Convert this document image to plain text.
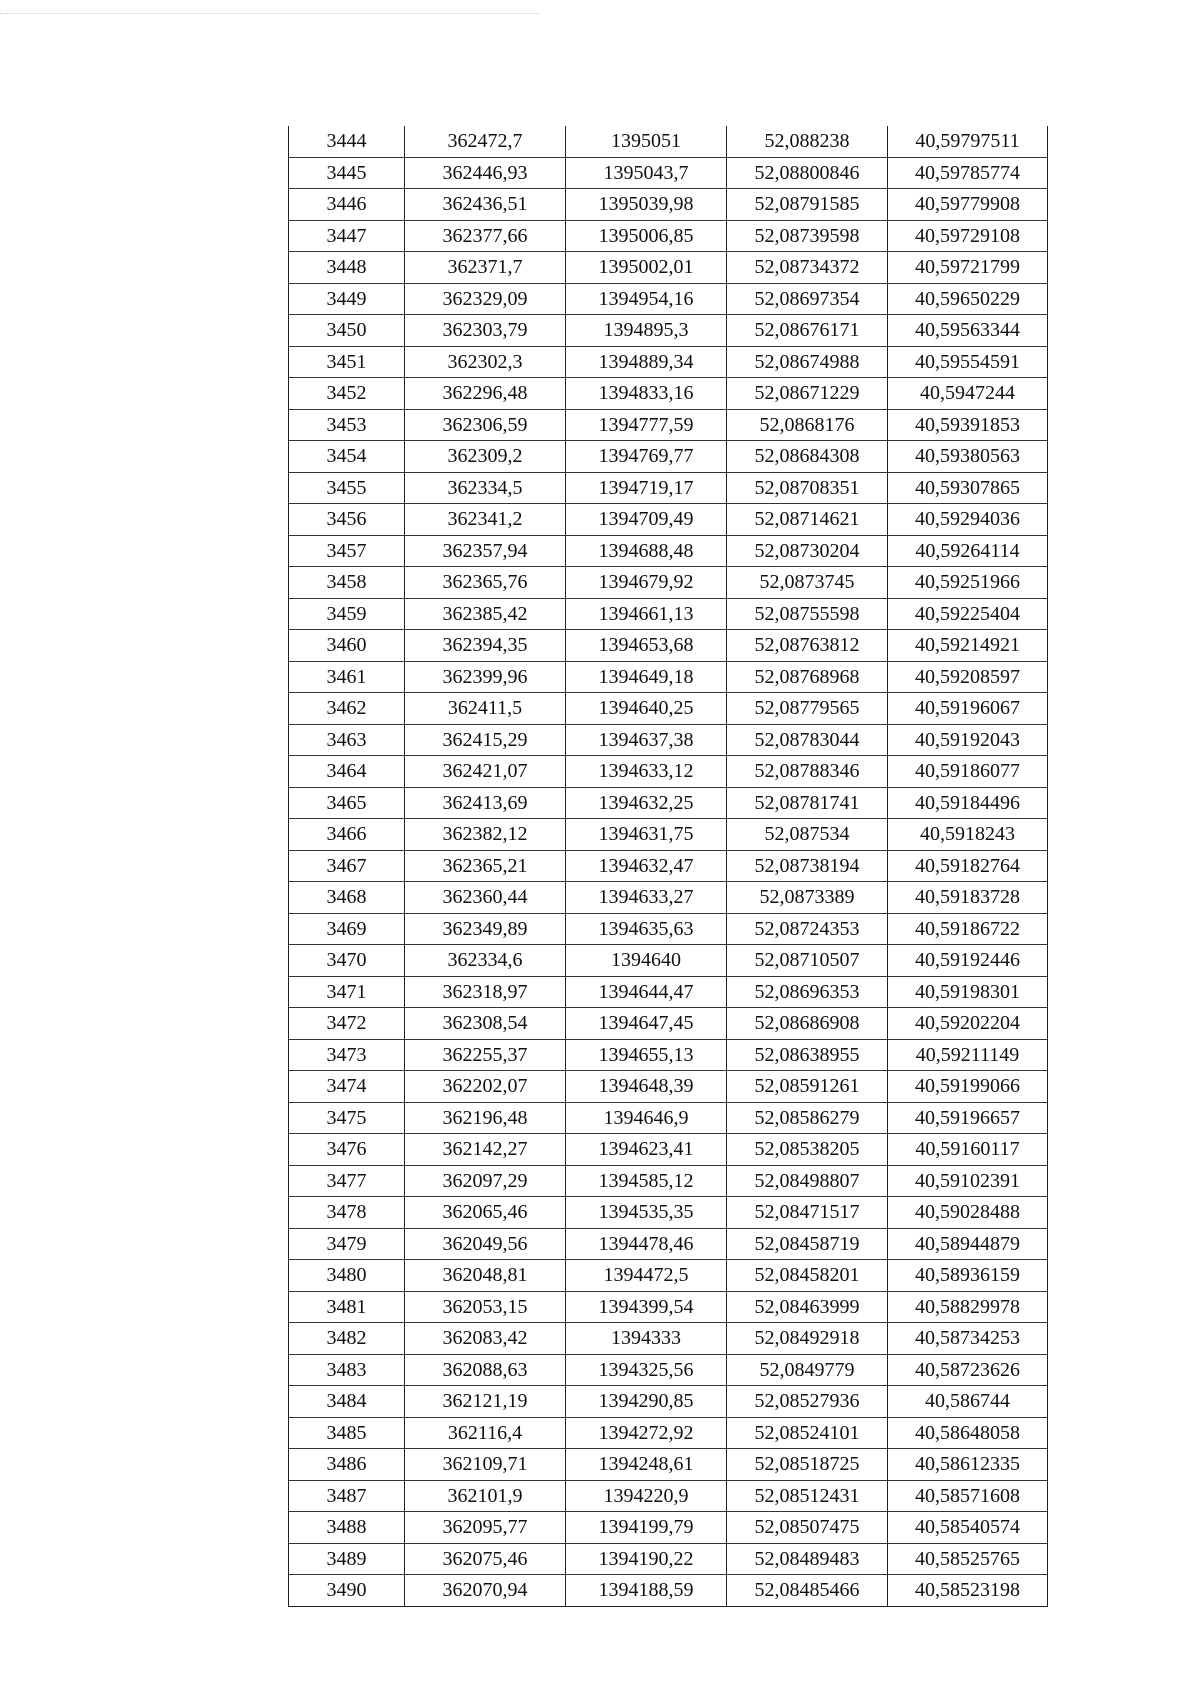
3444	362472,7	1395051	52,088238	40,59797511
3445	362446,93	1395043,7	52,08800846	40,59785774
3446	362436,51	1395039,98	52,08791585	40,59779908
3447	362377,66	1395006,85	52,08739598	40,59729108
3448	362371,7	1395002,01	52,08734372	40,59721799
3449	362329,09	1394954,16	52,08697354	40,59650229
3450	362303,79	1394895,3	52,08676171	40,59563344
3451	362302,3	1394889,34	52,08674988	40,59554591
3452	362296,48	1394833,16	52,08671229	40,5947244
3453	362306,59	1394777,59	52,0868176	40,59391853
3454	362309,2	1394769,77	52,08684308	40,59380563
3455	362334,5	1394719,17	52,08708351	40,59307865
3456	362341,2	1394709,49	52,08714621	40,59294036
3457	362357,94	1394688,48	52,08730204	40,59264114
3458	362365,76	1394679,92	52,0873745	40,59251966
3459	362385,42	1394661,13	52,08755598	40,59225404
3460	362394,35	1394653,68	52,08763812	40,59214921
3461	362399,96	1394649,18	52,08768968	40,59208597
3462	362411,5	1394640,25	52,08779565	40,59196067
3463	362415,29	1394637,38	52,08783044	40,59192043
3464	362421,07	1394633,12	52,08788346	40,59186077
3465	362413,69	1394632,25	52,08781741	40,59184496
3466	362382,12	1394631,75	52,087534	40,5918243
3467	362365,21	1394632,47	52,08738194	40,59182764
3468	362360,44	1394633,27	52,0873389	40,59183728
3469	362349,89	1394635,63	52,08724353	40,59186722
3470	362334,6	1394640	52,08710507	40,59192446
3471	362318,97	1394644,47	52,08696353	40,59198301
3472	362308,54	1394647,45	52,08686908	40,59202204
3473	362255,37	1394655,13	52,08638955	40,59211149
3474	362202,07	1394648,39	52,08591261	40,59199066
3475	362196,48	1394646,9	52,08586279	40,59196657
3476	362142,27	1394623,41	52,08538205	40,59160117
3477	362097,29	1394585,12	52,08498807	40,59102391
3478	362065,46	1394535,35	52,08471517	40,59028488
3479	362049,56	1394478,46	52,08458719	40,58944879
3480	362048,81	1394472,5	52,08458201	40,58936159
3481	362053,15	1394399,54	52,08463999	40,58829978
3482	362083,42	1394333	52,08492918	40,58734253
3483	362088,63	1394325,56	52,0849779	40,58723626
3484	362121,19	1394290,85	52,08527936	40,586744
3485	362116,4	1394272,92	52,08524101	40,58648058
3486	362109,71	1394248,61	52,08518725	40,58612335
3487	362101,9	1394220,9	52,08512431	40,58571608
3488	362095,77	1394199,79	52,08507475	40,58540574
3489	362075,46	1394190,22	52,08489483	40,58525765
3490	362070,94	1394188,59	52,08485466	40,58523198
